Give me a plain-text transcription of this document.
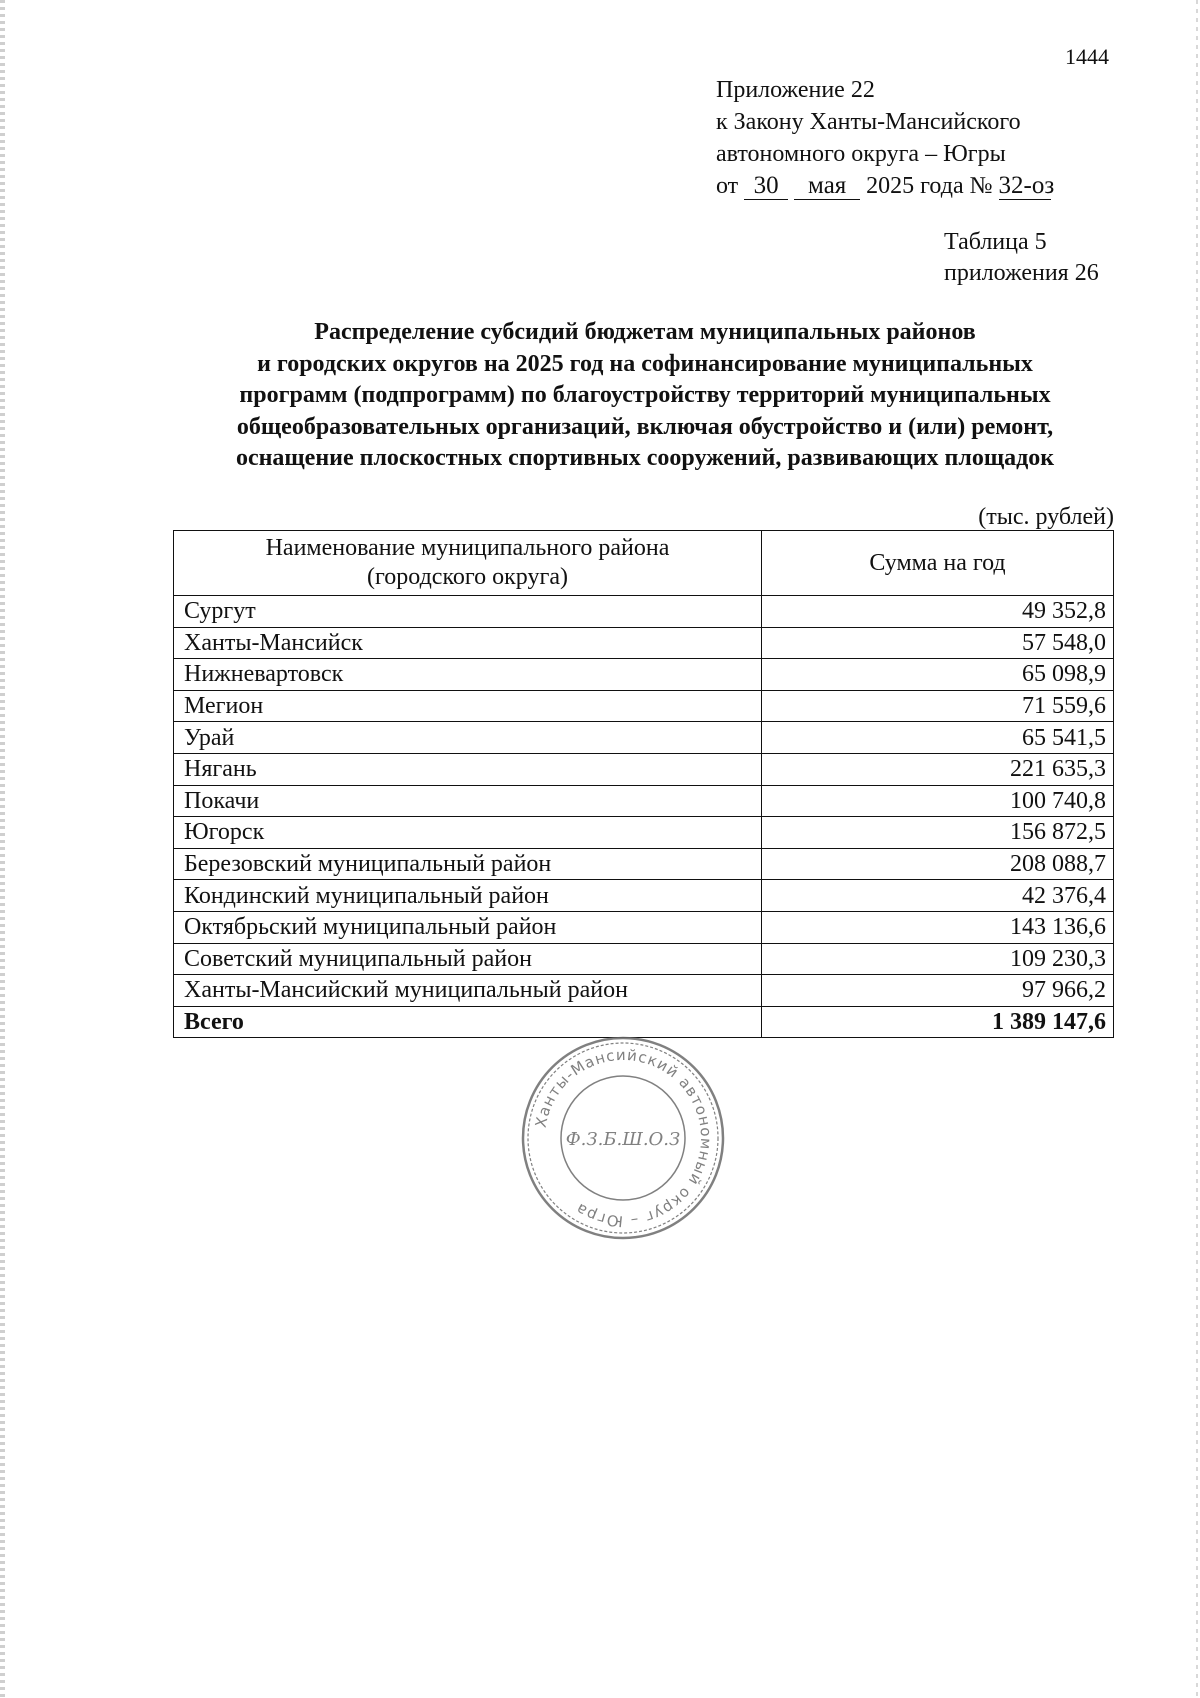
1444
Приложение 22
к Закону Ханты-Мансийского
автономного округа – Югры
от 30 мая 2025 года № 32-оз
Таблица 5
приложения 26
Распределение субсидий бюджетам муниципальных районов
и городских округов на 2025 год на софинансирование муниципальных
программ (подпрограмм) по благоустройству территорий муниципальных
общеобразовательных организаций, включая обустройство и (или) ремонт,
оснащение плоскостных спортивных сооружений, развивающих площадок
(тыс. рублей)
Наименование муниципального района
(городского округа)	Сумма на год
Сургут	49 352,8
Ханты-Мансийск	57 548,0
Нижневартовск	65 098,9
Мегион	71 559,6
Урай	65 541,5
Нягань	221 635,3
Покачи	100 740,8
Югорск	156 872,5
Березовский муниципальный район	208 088,7
Кондинский муниципальный район	42 376,4
Октябрьский муниципальный район	143 136,6
Советский муниципальный район	109 230,3
Ханты-Мансийский муниципальный район	97 966,2
Всего	1 389 147,6
Ханты-Мансийский автономный округ – Югра
Ф.З.Б.Ш.О.З
